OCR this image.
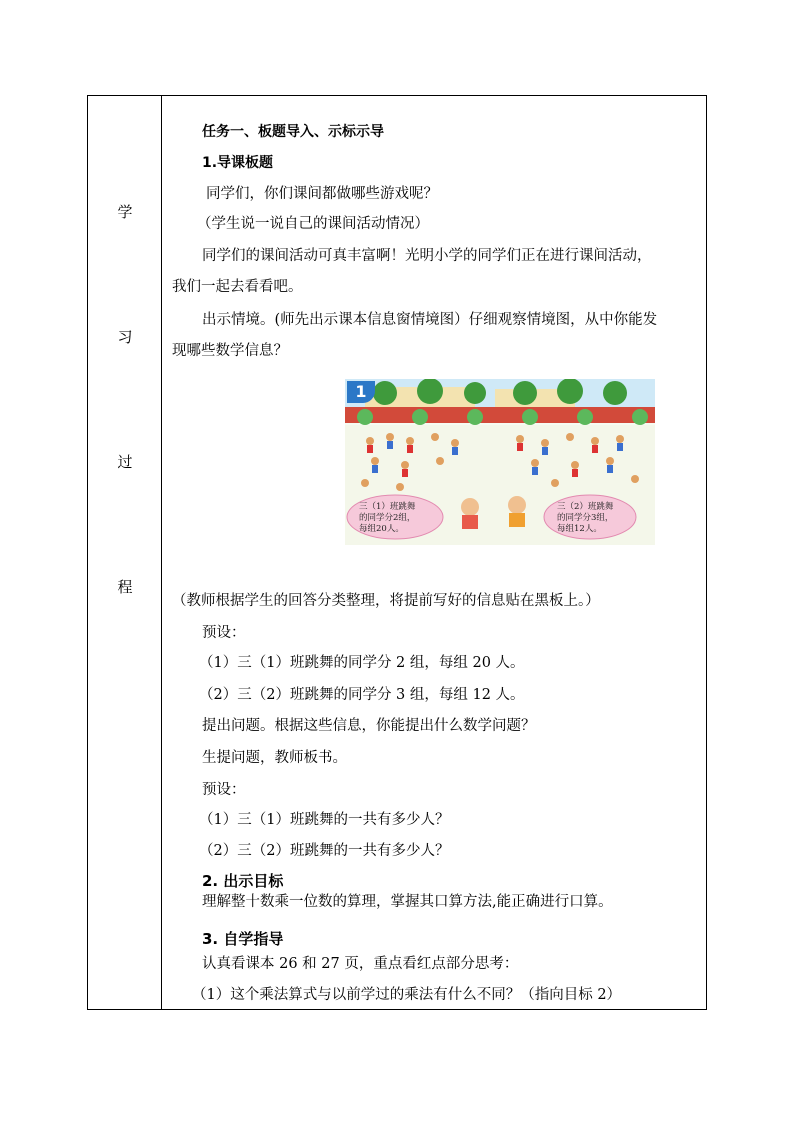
学
习
过
程
任务一、板题导入、示标示导
1.导课板题
同学们，你们课间都做哪些游戏呢？
（学生说一说自己的课间活动情况）
同学们的课间活动可真丰富啊！光明小学的同学们正在进行课间活动，
我们一起去看看吧。
出示情境。(师先出示课本信息窗情境图）仔细观察情境图，从中你能发
现哪些数学信息？
三（1）班跳舞
的同学分2组，
每组20人。
三（2）班跳舞
的同学分3组，
每组12人。
1
（教师根据学生的回答分类整理，将提前写好的信息贴在黑板上。）
预设：
（1）三（1）班跳舞的同学分 2 组，每组 20 人。
（2）三（2）班跳舞的同学分 3 组，每组 12 人。
提出问题。根据这些信息，你能提出什么数学问题？
生提问题，教师板书。
预设：
（1）三（1）班跳舞的一共有多少人？
（2）三（2）班跳舞的一共有多少人？
2. 出示目标
理解整十数乘一位数的算理，掌握其口算方法,能正确进行口算。
3. 自学指导
认真看课本 26 和 27 页，重点看红点部分思考：
（1）这个乘法算式与以前学过的乘法有什么不同？（指向目标 2）
